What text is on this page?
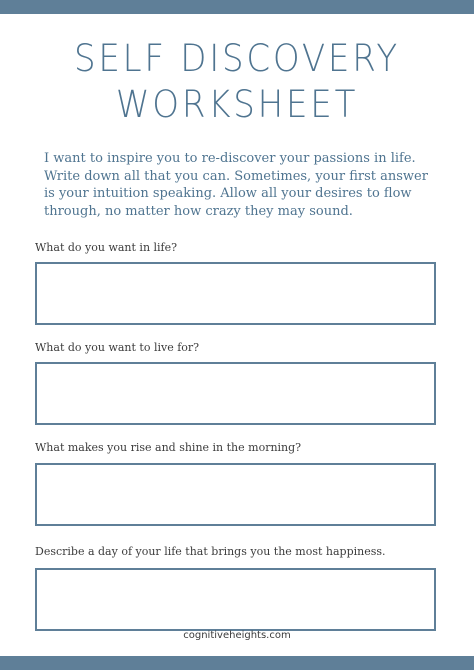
SELF DISCOVERY
WORKSHEET
I want to inspire you to re-discover your passions in life. Write down all that you can. Sometimes, your first answer is your intuition speaking. Allow all your desires to flow through, no matter how crazy they may sound.
What do you want in life?
What do you want to live for?
What makes you rise and shine in the morning?
Describe a day of your life that brings you the most happiness.
cognitiveheights.com
